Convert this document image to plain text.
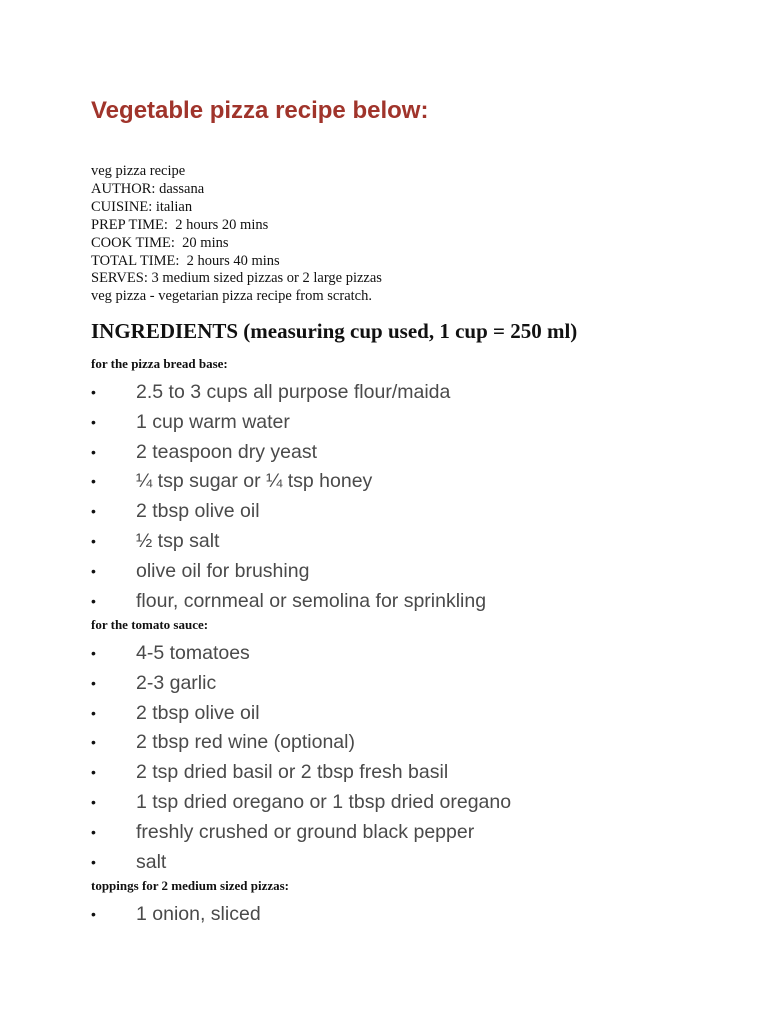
Vegetable pizza recipe below:
veg pizza recipe
AUTHOR: dassana
CUISINE: italian
PREP TIME:  2 hours 20 mins
COOK TIME:  20 mins
TOTAL TIME:  2 hours 40 mins
SERVES: 3 medium sized pizzas or 2 large pizzas
veg pizza - vegetarian pizza recipe from scratch.
INGREDIENTS (measuring cup used, 1 cup = 250 ml)
for the pizza bread base:
•	2.5 to 3 cups all purpose flour/maida
•	1 cup warm water
•	2 teaspoon dry yeast
•	¼ tsp sugar or ¼ tsp honey
•	2 tbsp olive oil
•	½ tsp salt
•	olive oil for brushing
•	flour, cornmeal or semolina for sprinkling
for the tomato sauce:
•	4-5 tomatoes
•	2-3 garlic
•	2 tbsp olive oil
•	2 tbsp red wine (optional)
•	2 tsp dried basil or 2 tbsp fresh basil
•	1 tsp dried oregano or 1 tbsp dried oregano
•	freshly crushed or ground black pepper
•	salt
toppings for 2 medium sized pizzas:
•	1 onion, sliced
